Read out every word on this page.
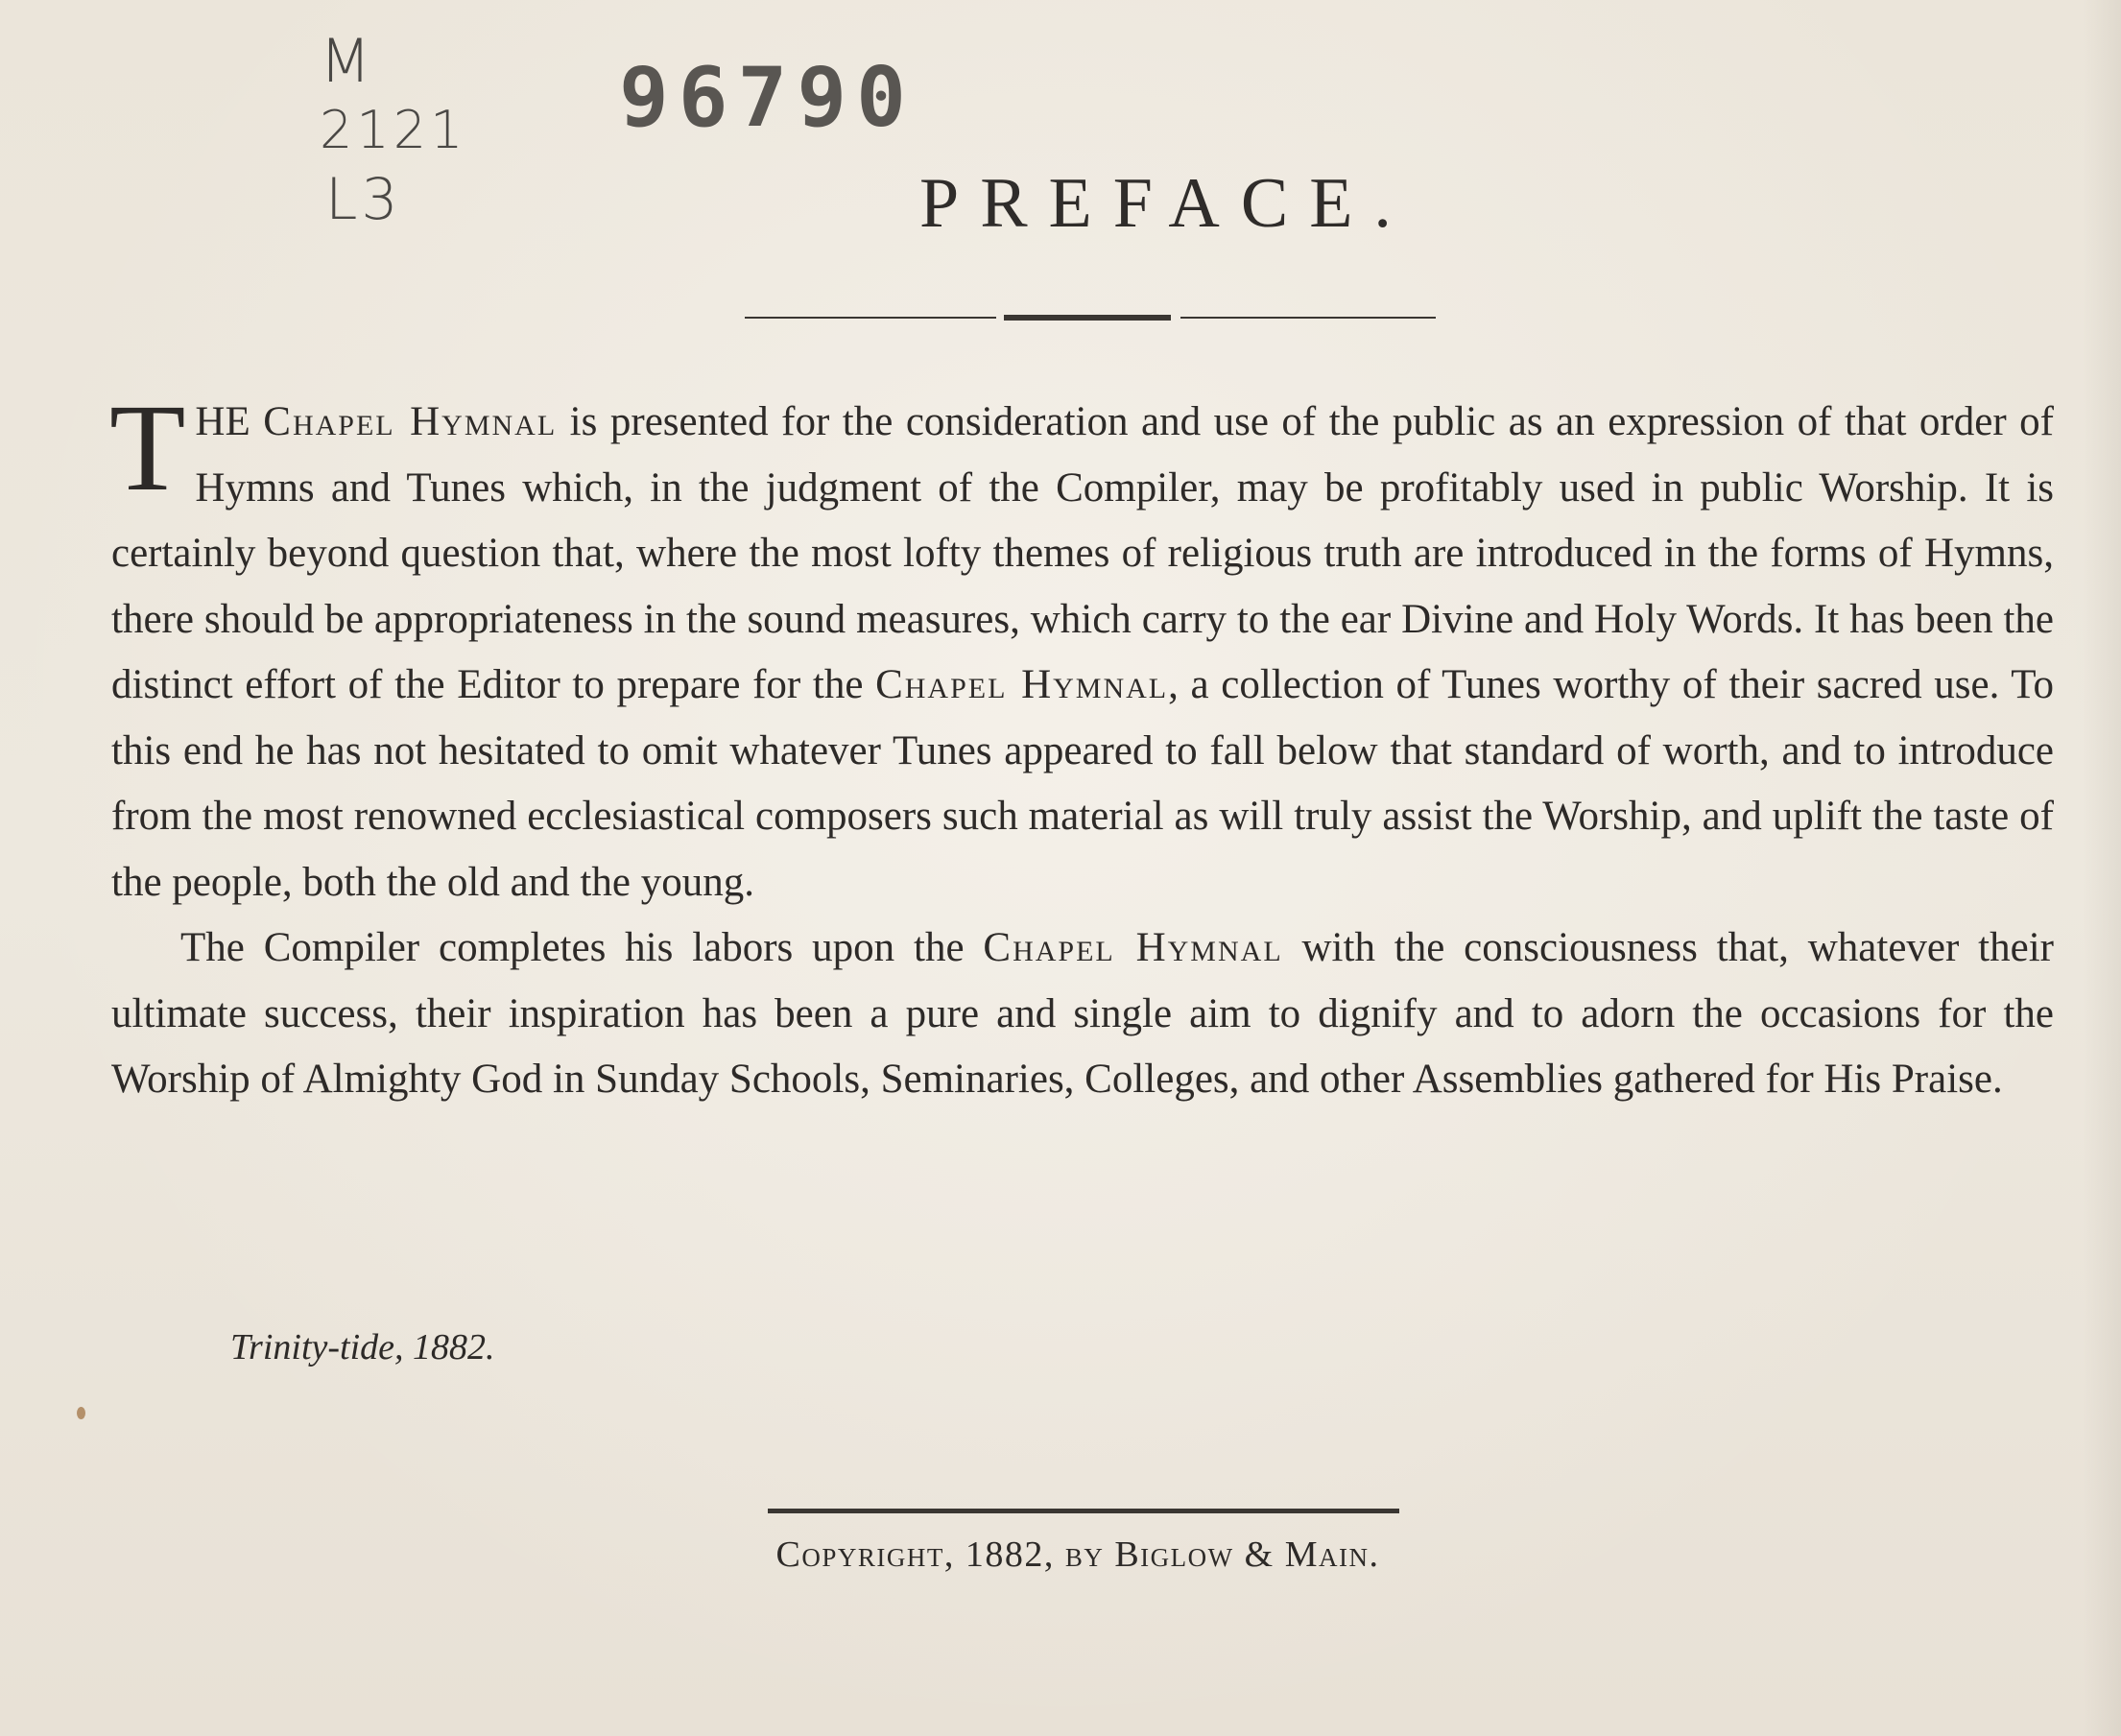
M
2121
L3
96790
PREFACE.

THE Chapel Hymnal is presented for the consideration and use of the public as an expression of that order of Hymns and Tunes which, in the judgment of the Compiler, may be profitably used in public Worship. It is certainly beyond question that, where the most lofty themes of religious truth are introduced in the forms of Hymns, there should be appropriateness in the sound measures, which carry to the ear Divine and Holy Words. It has been the distinct effort of the Editor to prepare for the Chapel Hymnal, a collection of Tunes worthy of their sacred use. To this end he has not hesitated to omit whatever Tunes appeared to fall below that standard of worth, and to introduce from the most renowned ecclesiastical composers such material as will truly assist the Worship, and uplift the taste of the people, both the old and the young.

The Compiler completes his labors upon the Chapel Hymnal with the consciousness that, whatever their ultimate success, their inspiration has been a pure and single aim to dignify and to adorn the occasions for the Worship of Almighty God in Sunday Schools, Seminaries, Colleges, and other Assemblies gathered for His Praise.

Trinity-tide, 1882.
Copyright, 1882, by Biglow & Main.
